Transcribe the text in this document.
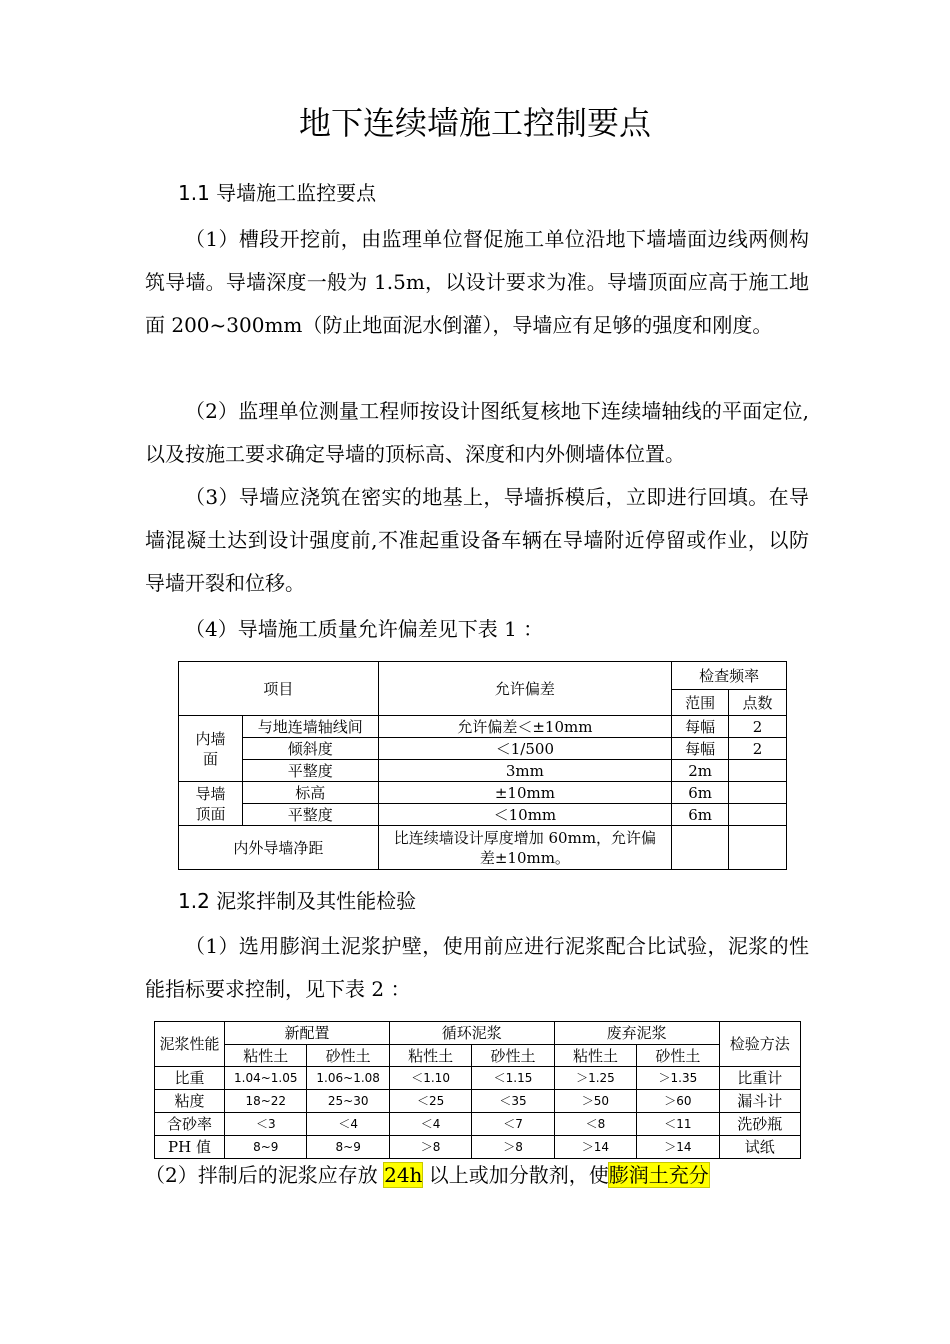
地下连续墙施工控制要点
1.1 导墙施工监控要点

（1）槽段开挖前，由监理单位督促施工单位沿地下墙墙面边线两侧构筑导墙。导墙深度一般为 1.5m，以设计要求为准。导墙顶面应高于施工地面 200~300mm（防止地面泥水倒灌），导墙应有足够的强度和刚度。

（2）监理单位测量工程师按设计图纸复核地下连续墙轴线的平面定位,以及按施工要求确定导墙的顶标高、深度和内外侧墙体位置。

（3）导墙应浇筑在密实的地基上，导墙拆模后，立即进行回填。在导墙混凝土达到设计强度前,不准起重设备车辆在导墙附近停留或作业，以防导墙开裂和位移。

（4）导墙施工质量允许偏差见下表 1 ：

项目		允许偏差	检查频率	
			范围	点数
内墙面	与地连墙轴线间	允许偏差＜±10mm	每幅	2
	倾斜度	＜1/500	每幅	2
	平整度	3mm	2m	
导墙顶面	标高	±10mm	6m	
	平整度	＜10mm	6m	
内外导墙净距		比连续墙设计厚度增加 60mm，允许偏差±10mm。		
1.2 泥浆拌制及其性能检验

（1）选用膨润土泥浆护壁，使用前应进行泥浆配合比试验，泥浆的性能指标要求控制，见下表 2 ：

泥浆性能	新配置		循环泥浆		废弃泥浆		检验方法
	粘性土	砂性土	粘性土	砂性土	粘性土	砂性土	
比重	1.04~1.05	1.06~1.08	＜1.10	＜1.15	＞1.25	＞1.35	比重计
粘度	18~22	25~30	＜25	＜35	＞50	＞60	漏斗计
含砂率	＜3	＜4	＜4	＜7	＜8	＜11	洗砂瓶
PH 值	8~9	8~9	＞8	＞8	＞14	＞14	试纸
（2）拌制后的泥浆应存放 24h 以上或加分散剂，使膨润土充分
